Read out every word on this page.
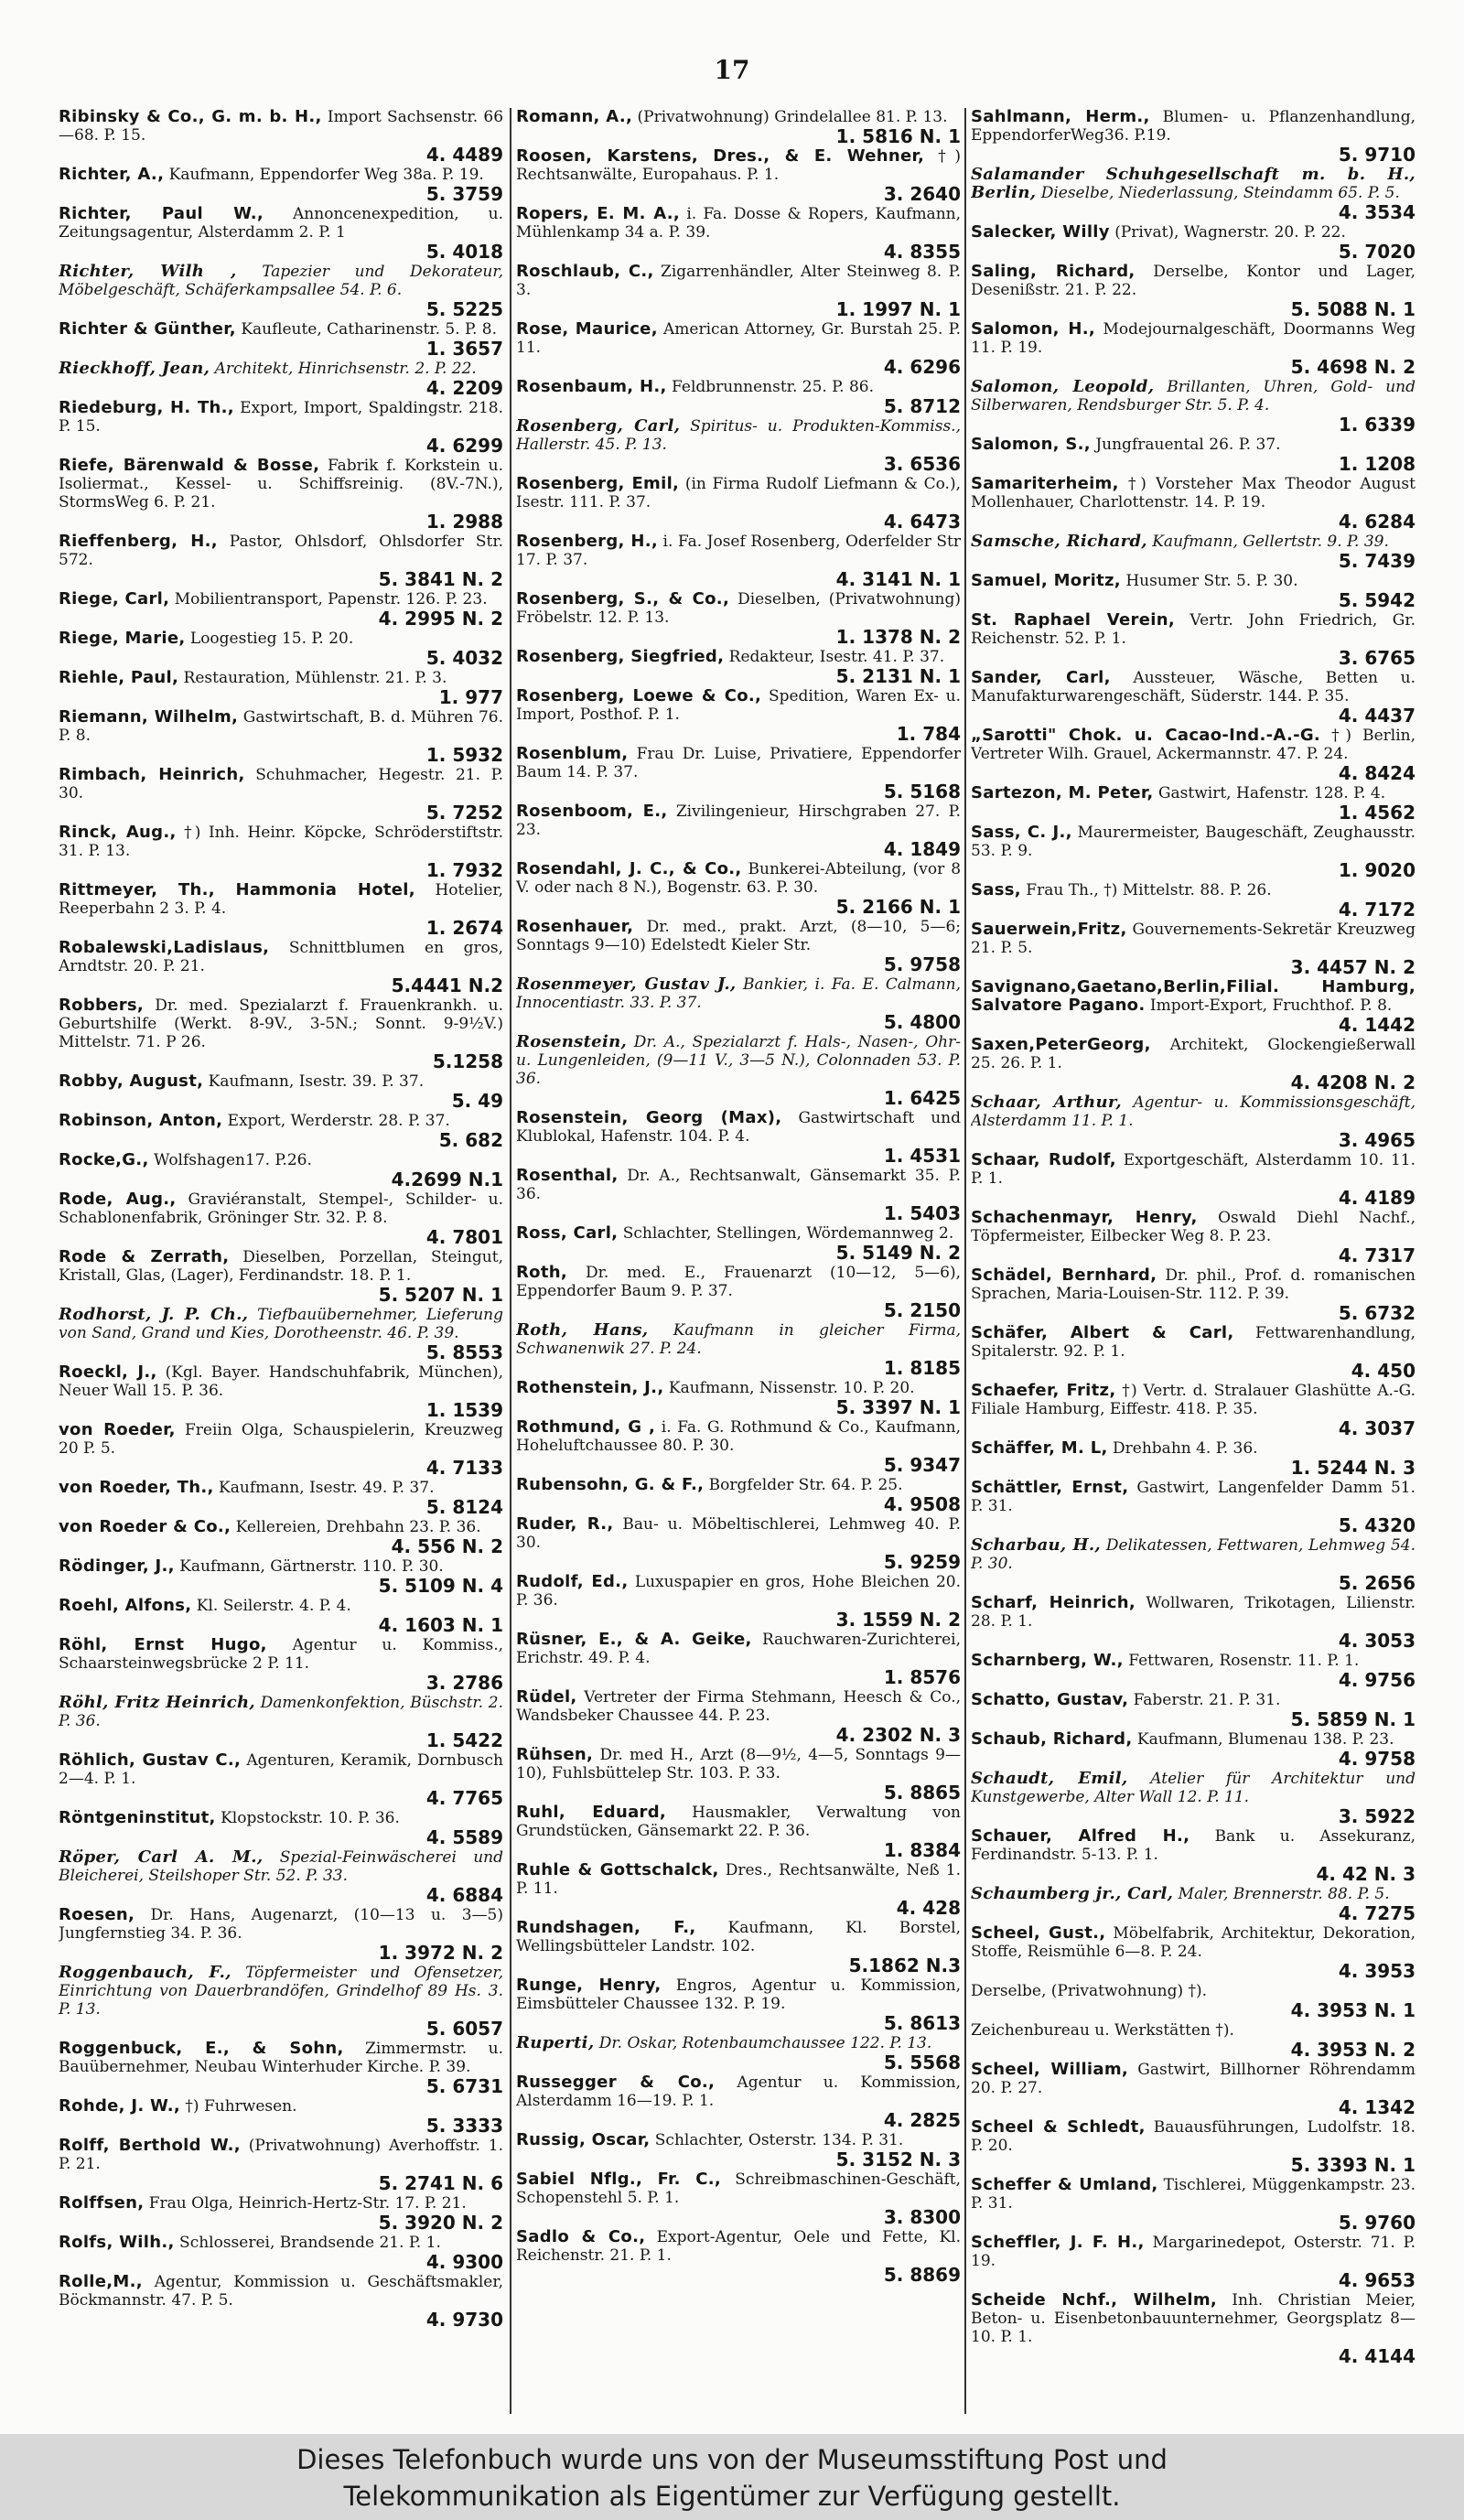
17
Ribinsky & Co., G. m. b. H., Import Sachsenstr. 66—68. P. 15.
4. 4489
Richter, A., Kaufmann, Eppendorfer Weg 38a. P. 19.
5. 3759
Richter, Paul W., Annoncenexpedition, u. Zeitungsagentur, Alsterdamm 2. P. 1
5. 4018
Richter, Wilh , Tapezier und Dekorateur, Möbelgeschäft, Schäferkampsallee 54. P. 6.
5. 5225
Richter & Günther, Kaufleute, Catharinenstr. 5. P. 8.
1. 3657
Rieckhoff, Jean, Architekt, Hinrichsenstr. 2. P. 22.
4. 2209
Riedeburg, H. Th., Export, Import, Spaldingstr. 218. P. 15.
4. 6299
Riefe, Bärenwald & Bosse, Fabrik f. Korkstein u. Isoliermat., Kessel- u. Schiffsreinig. (8V.-7N.), StormsWeg 6. P. 21.
1. 2988
Rieffenberg, H., Pastor, Ohlsdorf, Ohlsdorfer Str. 572.
5. 3841 N. 2
Riege, Carl, Mobilientransport, Papenstr. 126. P. 23.
4. 2995 N. 2
Riege, Marie, Loogestieg 15. P. 20.
5. 4032
Riehle, Paul, Restauration, Mühlenstr. 21. P. 3.
1. 977
Riemann, Wilhelm, Gastwirtschaft, B. d. Mühren 76. P. 8.
1. 5932
Rimbach, Heinrich, Schuhmacher, Hegestr. 21. P. 30.
5. 7252
Rinck, Aug., †) Inh. Heinr. Köpcke, Schröderstiftstr. 31. P. 13.
1. 7932
Rittmeyer, Th., Hammonia Hotel, Hotelier, Reeperbahn 2 3. P. 4.
1. 2674
Robalewski,Ladislaus, Schnittblumen en gros, Arndtstr. 20. P. 21.
5.4441 N.2
Robbers, Dr. med. Spezialarzt f. Frauenkrankh. u. Geburtshilfe (Werkt. 8-9V., 3-5N.; Sonnt. 9-9½V.) Mittelstr. 71. P 26.
5.1258
Robby, August, Kaufmann, Isestr. 39. P. 37.
5. 49
Robinson, Anton, Export, Werderstr. 28. P. 37.
5. 682
Rocke,G., Wolfshagen17. P.26.
4.2699 N.1
Rode, Aug., Graviéranstalt, Stempel-, Schilder- u. Schablonenfabrik, Gröninger Str. 32. P. 8.
4. 7801
Rode & Zerrath, Dieselben, Porzellan, Steingut, Kristall, Glas, (Lager), Ferdinandstr. 18. P. 1.
5. 5207 N. 1
Rodhorst, J. P. Ch., Tiefbauübernehmer, Lieferung von Sand, Grand und Kies, Dorotheenstr. 46. P. 39.
5. 8553
Roeckl, J., (Kgl. Bayer. Handschuhfabrik, München), Neuer Wall 15. P. 36.
1. 1539
von Roeder, Freiin Olga, Schauspielerin, Kreuzweg 20 P. 5.
4. 7133
von Roeder, Th., Kaufmann, Isestr. 49. P. 37.
5. 8124
von Roeder & Co., Kellereien, Drehbahn 23. P. 36.
4. 556 N. 2
Rödinger, J., Kaufmann, Gärtnerstr. 110. P. 30.
5. 5109 N. 4
Roehl, Alfons, Kl. Seilerstr. 4. P. 4.
4. 1603 N. 1
Röhl, Ernst Hugo, Agentur u. Kommiss., Schaarsteinwegsbrücke 2 P. 11.
3. 2786
Röhl, Fritz Heinrich, Damenkonfektion, Büschstr. 2. P. 36.
1. 5422
Röhlich, Gustav C., Agenturen, Keramik, Dornbusch 2—4. P. 1.
4. 7765
Röntgeninstitut, Klopstockstr. 10. P. 36.
4. 5589
Röper, Carl A. M., Spezial-Feinwäscherei und Bleicherei, Steilshoper Str. 52. P. 33.
4. 6884
Roesen, Dr. Hans, Augenarzt, (10—13 u. 3—5) Jungfernstieg 34. P. 36.
1. 3972 N. 2
Roggenbauch, F., Töpfermeister und Ofensetzer, Einrichtung von Dauerbrandöfen, Grindelhof 89 Hs. 3. P. 13.
5. 6057
Roggenbuck, E., & Sohn, Zimmermstr. u. Bauübernehmer, Neubau Winterhuder Kirche. P. 39.
5. 6731
Rohde, J. W., †) Fuhrwesen.
5. 3333
Rolff, Berthold W., (Privatwohnung) Averhoffstr. 1. P. 21.
5. 2741 N. 6
Rolffsen, Frau Olga, Heinrich-Hertz-Str. 17. P. 21.
5. 3920 N. 2
Rolfs, Wilh., Schlosserei, Brandsende 21. P. 1.
4. 9300
Rolle,M., Agentur, Kommission u. Geschäftsmakler, Böckmannstr. 47. P. 5.
4. 9730
Romann, A., (Privatwohnung) Grindelallee 81. P. 13.
1. 5816 N. 1
Roosen, Karstens, Dres., & E. Wehner, †) Rechtsanwälte, Europahaus. P. 1.
3. 2640
Ropers, E. M. A., i. Fa. Dosse & Ropers, Kaufmann, Mühlenkamp 34 a. P. 39.
4. 8355
Roschlaub, C., Zigarrenhändler, Alter Steinweg 8. P. 3.
1. 1997 N. 1
Rose, Maurice, American Attorney, Gr. Burstah 25. P. 11.
4. 6296
Rosenbaum, H., Feldbrunnenstr. 25. P. 86.
5. 8712
Rosenberg, Carl, Spiritus- u. Produkten-Kommiss., Hallerstr. 45. P. 13.
3. 6536
Rosenberg, Emil, (in Firma Rudolf Liefmann & Co.), Isestr. 111. P. 37.
4. 6473
Rosenberg, H., i. Fa. Josef Rosenberg, Oderfelder Str 17. P. 37.
4. 3141 N. 1
Rosenberg, S., & Co., Dieselben, (Privatwohnung) Fröbelstr. 12. P. 13.
1. 1378 N. 2
Rosenberg, Siegfried, Redakteur, Isestr. 41. P. 37.
5. 2131 N. 1
Rosenberg, Loewe & Co., Spedition, Waren Ex- u. Import, Posthof. P. 1.
1. 784
Rosenblum, Frau Dr. Luise, Privatiere, Eppendorfer Baum 14. P. 37.
5. 5168
Rosenboom, E., Zivilingenieur, Hirschgraben 27. P. 23.
4. 1849
Rosendahl, J. C., & Co., Bunkerei-Abteilung, (vor 8 V. oder nach 8 N.), Bogenstr. 63. P. 30.
5. 2166 N. 1
Rosenhauer, Dr. med., prakt. Arzt, (8—10, 5—6; Sonntags 9—10) Edelstedt Kieler Str.
5. 9758
Rosenmeyer, Gustav J., Bankier, i. Fa. E. Calmann, Innocentiastr. 33. P. 37.
5. 4800
Rosenstein, Dr. A., Spezialarzt f. Hals-, Nasen-, Ohr- u. Lungenleiden, (9—11 V., 3—5 N.), Colonnaden 53. P. 36.
1. 6425
Rosenstein, Georg (Max), Gastwirtschaft und Klublokal, Hafenstr. 104. P. 4.
1. 4531
Rosenthal, Dr. A., Rechtsanwalt, Gänsemarkt 35. P. 36.
1. 5403
Ross, Carl, Schlachter, Stellingen, Wördemannweg 2.
5. 5149 N. 2
Roth, Dr. med. E., Frauenarzt (10—12, 5—6), Eppendorfer Baum 9. P. 37.
5. 2150
Roth, Hans, Kaufmann in gleicher Firma, Schwanenwik 27. P. 24.
1. 8185
Rothenstein, J., Kaufmann, Nissenstr. 10. P. 20.
5. 3397 N. 1
Rothmund, G , i. Fa. G. Rothmund & Co., Kaufmann, Hoheluftchaussee 80. P. 30.
5. 9347
Rubensohn, G. & F., Borgfelder Str. 64. P. 25.
4. 9508
Ruder, R., Bau- u. Möbeltischlerei, Lehmweg 40. P. 30.
5. 9259
Rudolf, Ed., Luxuspapier en gros, Hohe Bleichen 20. P. 36.
3. 1559 N. 2
Rüsner, E., & A. Geike, Rauchwaren-Zurichterei, Erichstr. 49. P. 4.
1. 8576
Rüdel, Vertreter der Firma Stehmann, Heesch & Co., Wandsbeker Chaussee 44. P. 23.
4. 2302 N. 3
Rühsen, Dr. med H., Arzt (8—9½, 4—5, Sonntags 9—10), Fuhlsbüttelер Str. 103. P. 33.
5. 8865
Ruhl, Eduard, Hausmakler, Verwaltung von Grundstücken, Gänsemarkt 22. P. 36.
1. 8384
Ruhle & Gottschalck, Dres., Rechtsanwälte, Neß 1. P. 11.
4. 428
Rundshagen, F., Kaufmann, Kl. Borstel, Wellingsbütteler Landstr. 102.
5.1862 N.3
Runge, Henry, Engros, Agentur u. Kommission, Eimsbütteler Chaussee 132. P. 19.
5. 8613
Ruperti, Dr. Oskar, Rotenbaumchaussee 122. P. 13.
5. 5568
Russegger & Co., Agentur u. Kommission, Alsterdamm 16—19. P. 1.
4. 2825
Russig, Oscar, Schlachter, Osterstr. 134. P. 31.
5. 3152 N. 3
Sabiel Nflg., Fr. C., Schreibmaschinen-Geschäft, Schopenstehl 5. P. 1.
3. 8300
Sadlo & Co., Export-Agentur, Oele und Fette, Kl. Reichenstr. 21. P. 1.
5. 8869
Sahlmann, Herm., Blumen- u. Pflanzenhandlung, EppendorferWeg36. P.19.
5. 9710
Salamander Schuhgesellschaft m. b. H., Berlin, Dieselbe, Niederlassung, Steindamm 65. P. 5.
4. 3534
Salecker, Willy (Privat), Wagnerstr. 20. P. 22.
5. 7020
Saling, Richard, Derselbe, Kontor und Lager, Desenißstr. 21. P. 22.
5. 5088 N. 1
Salomon, H., Modejournalgeschäft, Doormanns Weg 11. P. 19.
5. 4698 N. 2
Salomon, Leopold, Brillanten, Uhren, Gold- und Silberwaren, Rendsburger Str. 5. P. 4.
1. 6339
Salomon, S., Jungfrauental 26. P. 37.
1. 1208
Samariterheim, †) Vorsteher Max Theodor August Mollenhauer, Charlottenstr. 14. P. 19.
4. 6284
Samsche, Richard, Kaufmann, Gellertstr. 9. P. 39.
5. 7439
Samuel, Moritz, Husumer Str. 5. P. 30.
5. 5942
St. Raphael Verein, Vertr. John Friedrich, Gr. Reichenstr. 52. P. 1.
3. 6765
Sander, Carl, Aussteuer, Wäsche, Betten u. Manufakturwarengeschäft, Süderstr. 144. P. 35.
4. 4437
„Sarotti" Chok. u. Cacao-Ind.-A.-G. †) Berlin, Vertreter Wilh. Grauel, Ackermannstr. 47. P. 24.
4. 8424
Sartezon, M. Peter, Gastwirt, Hafenstr. 128. P. 4.
1. 4562
Sass, C. J., Maurermeister, Baugeschäft, Zeughausstr. 53. P. 9.
1. 9020
Sass, Frau Th., †) Mittelstr. 88. P. 26.
4. 7172
Sauerwein,Fritz, Gouvernements-Sekretär Kreuzweg 21. P. 5.
3. 4457 N. 2
Savignano,Gaetano,Berlin,Filial. Hamburg, Salvatore Pagano. Import-Export, Fruchthof. P. 8.
4. 1442
Saxen,PeterGeorg, Architekt, Glockengießerwall 25. 26. P. 1.
4. 4208 N. 2
Schaar, Arthur, Agentur- u. Kommissionsgeschäft, Alsterdamm 11. P. 1.
3. 4965
Schaar, Rudolf, Exportgeschäft, Alsterdamm 10. 11. P. 1.
4. 4189
Schachenmayr, Henry, Oswald Diehl Nachf., Töpfermeister, Eilbecker Weg 8. P. 23.
4. 7317
Schädel, Bernhard, Dr. phil., Prof. d. romanischen Sprachen, Maria-Louisen-Str. 112. P. 39.
5. 6732
Schäfer, Albert & Carl, Fettwarenhandlung, Spitalerstr. 92. P. 1.
4. 450
Schaefer, Fritz, †) Vertr. d. Stralauer Glashütte A.-G. Filiale Hamburg, Eiffestr. 418. P. 35.
4. 3037
Schäffer, M. L, Drehbahn 4. P. 36.
1. 5244 N. 3
Schättler, Ernst, Gastwirt, Langenfelder Damm 51. P. 31.
5. 4320
Scharbau, H., Delikatessen, Fettwaren, Lehmweg 54. P. 30.
5. 2656
Scharf, Heinrich, Wollwaren, Trikotagen, Lilienstr. 28. P. 1.
4. 3053
Scharnberg, W., Fettwaren, Rosenstr. 11. P. 1.
4. 9756
Schatto, Gustav, Faberstr. 21. P. 31.
5. 5859 N. 1
Schaub, Richard, Kaufmann, Blumenau 138. P. 23.
4. 9758
Schaudt, Emil, Atelier für Architektur und Kunstgewerbe, Alter Wall 12. P. 11.
3. 5922
Schauer, Alfred H., Bank u. Assekuranz, Ferdinandstr. 5-13. P. 1.
4. 42 N. 3
Schaumberg jr., Carl, Maler, Brennerstr. 88. P. 5.
4. 7275
Scheel, Gust., Möbelfabrik, Architektur, Dekoration, Stoffe, Reismühle 6—8. P. 24.
4. 3953
Derselbe, (Privatwohnung) †).
4. 3953 N. 1
Zeichenbureau u. Werkstätten †).
4. 3953 N. 2
Scheel, William, Gastwirt, Billhorner Röhrendamm 20. P. 27.
4. 1342
Scheel & Schledt, Bauausführungen, Ludolfstr. 18. P. 20.
5. 3393 N. 1
Scheffer & Umland, Tischlerei, Müggenkampstr. 23. P. 31.
5. 9760
Scheffler, J. F. H., Margarinedepot, Osterstr. 71. P. 19.
4. 9653
Scheide Nchf., Wilhelm, Inh. Christian Meier, Beton- u. Eisenbetonbauunternehmer, Georgsplatz 8—10. P. 1.
4. 4144
Dieses Telefonbuch wurde uns von der Museumsstiftung Post und
Telekommunikation als Eigentümer zur Verfügung gestellt.
